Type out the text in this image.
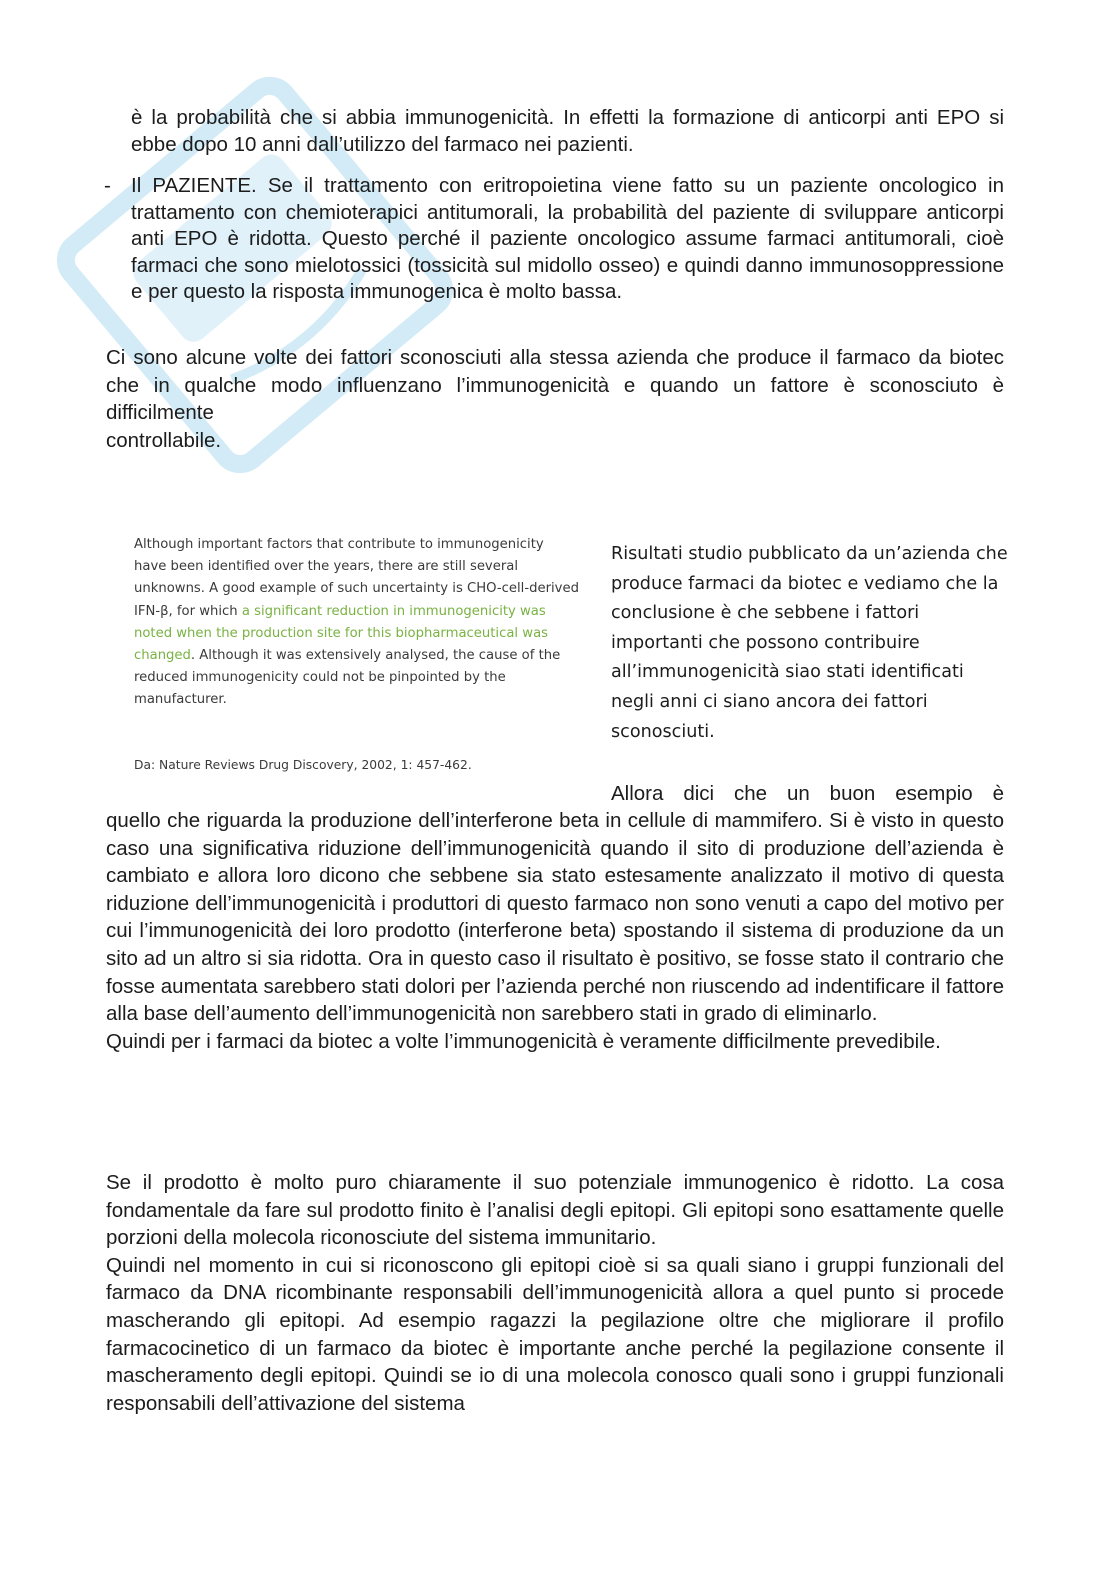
è la probabilità che si abbia immunogenicità. In effetti la formazione di anticorpi anti EPO si ebbe dopo 10 anni dall’utilizzo del farmaco nei pazienti.

- Il PAZIENTE. Se il trattamento con eritropoietina viene fatto su un paziente oncologico in trattamento con chemioterapici antitumorali, la probabilità del paziente di sviluppare anticorpi anti EPO è ridotta. Questo perché il paziente oncologico assume farmaci antitumorali, cioè farmaci che sono mielotossici (tossicità sul midollo osseo) e quindi danno immunosoppressione e per questo la risposta immunogenica è molto bassa.

Ci sono alcune volte dei fattori sconosciuti alla stessa azienda che produce il farmaco da biotec che in qualche modo influenzano l’immunogenicità e quando un fattore è sconosciuto è difficilmente
controllabile.

Although important factors that contribute to immunogenicity have been identified over the years, there are still several unknowns. A good example of such uncertainty is CHO-cell-derived IFN-β, for which a significant reduction in immunogenicity was noted when the production site for this biopharmaceutical was changed. Although it was extensively analysed, the cause of the reduced immunogenicity could not be pinpointed by the manufacturer.

Da: Nature Reviews Drug Discovery, 2002, 1: 457-462.

Risultati studio pubblicato da un’azienda che produce farmaci da biotec e vediamo che la conclusione è che sebbene i fattori importanti che possono contribuire all’immunogenicità siao stati identificati negli anni ci siano ancora dei fattori sconosciuti.

Allora dici che un buon esempio è

quello che riguarda la produzione dell’interferone beta in cellule di mammifero. Si è visto in questo caso una significativa riduzione dell’immunogenicità quando il sito di produzione dell’azienda è cambiato e allora loro dicono che sebbene sia stato estesamente analizzato il motivo di questa riduzione dell’immunogenicità i produttori di questo farmaco non sono venuti a capo del motivo per cui l’immunogenicità dei loro prodotto (interferone beta) spostando il sistema di produzione da un sito ad un altro si sia ridotta. Ora in questo caso il risultato è positivo, se fosse stato il contrario che fosse aumentata sarebbero stati dolori per l’azienda perché non riuscendo ad indentificare il fattore alla base dell’aumento dell’immunogenicità non sarebbero stati in grado di eliminarlo.
Quindi per i farmaci da biotec a volte l’immunogenicità è veramente difficilmente prevedibile.

Se il prodotto è molto puro chiaramente il suo potenziale immunogenico è ridotto. La cosa fondamentale da fare sul prodotto finito è l’analisi degli epitopi. Gli epitopi sono esattamente quelle porzioni della molecola riconosciute del sistema immunitario.
Quindi nel momento in cui si riconoscono gli epitopi cioè si sa quali siano i gruppi funzionali del farmaco da DNA ricombinante responsabili dell’immunogenicità allora a quel punto si procede mascherando gli epitopi. Ad esempio ragazzi la pegilazione oltre che migliorare il profilo farmacocinetico di un farmaco da biotec è importante anche perché la pegilazione consente il mascheramento degli epitopi. Quindi se io di una molecola conosco quali sono i gruppi funzionali responsabili dell’attivazione del sistema
